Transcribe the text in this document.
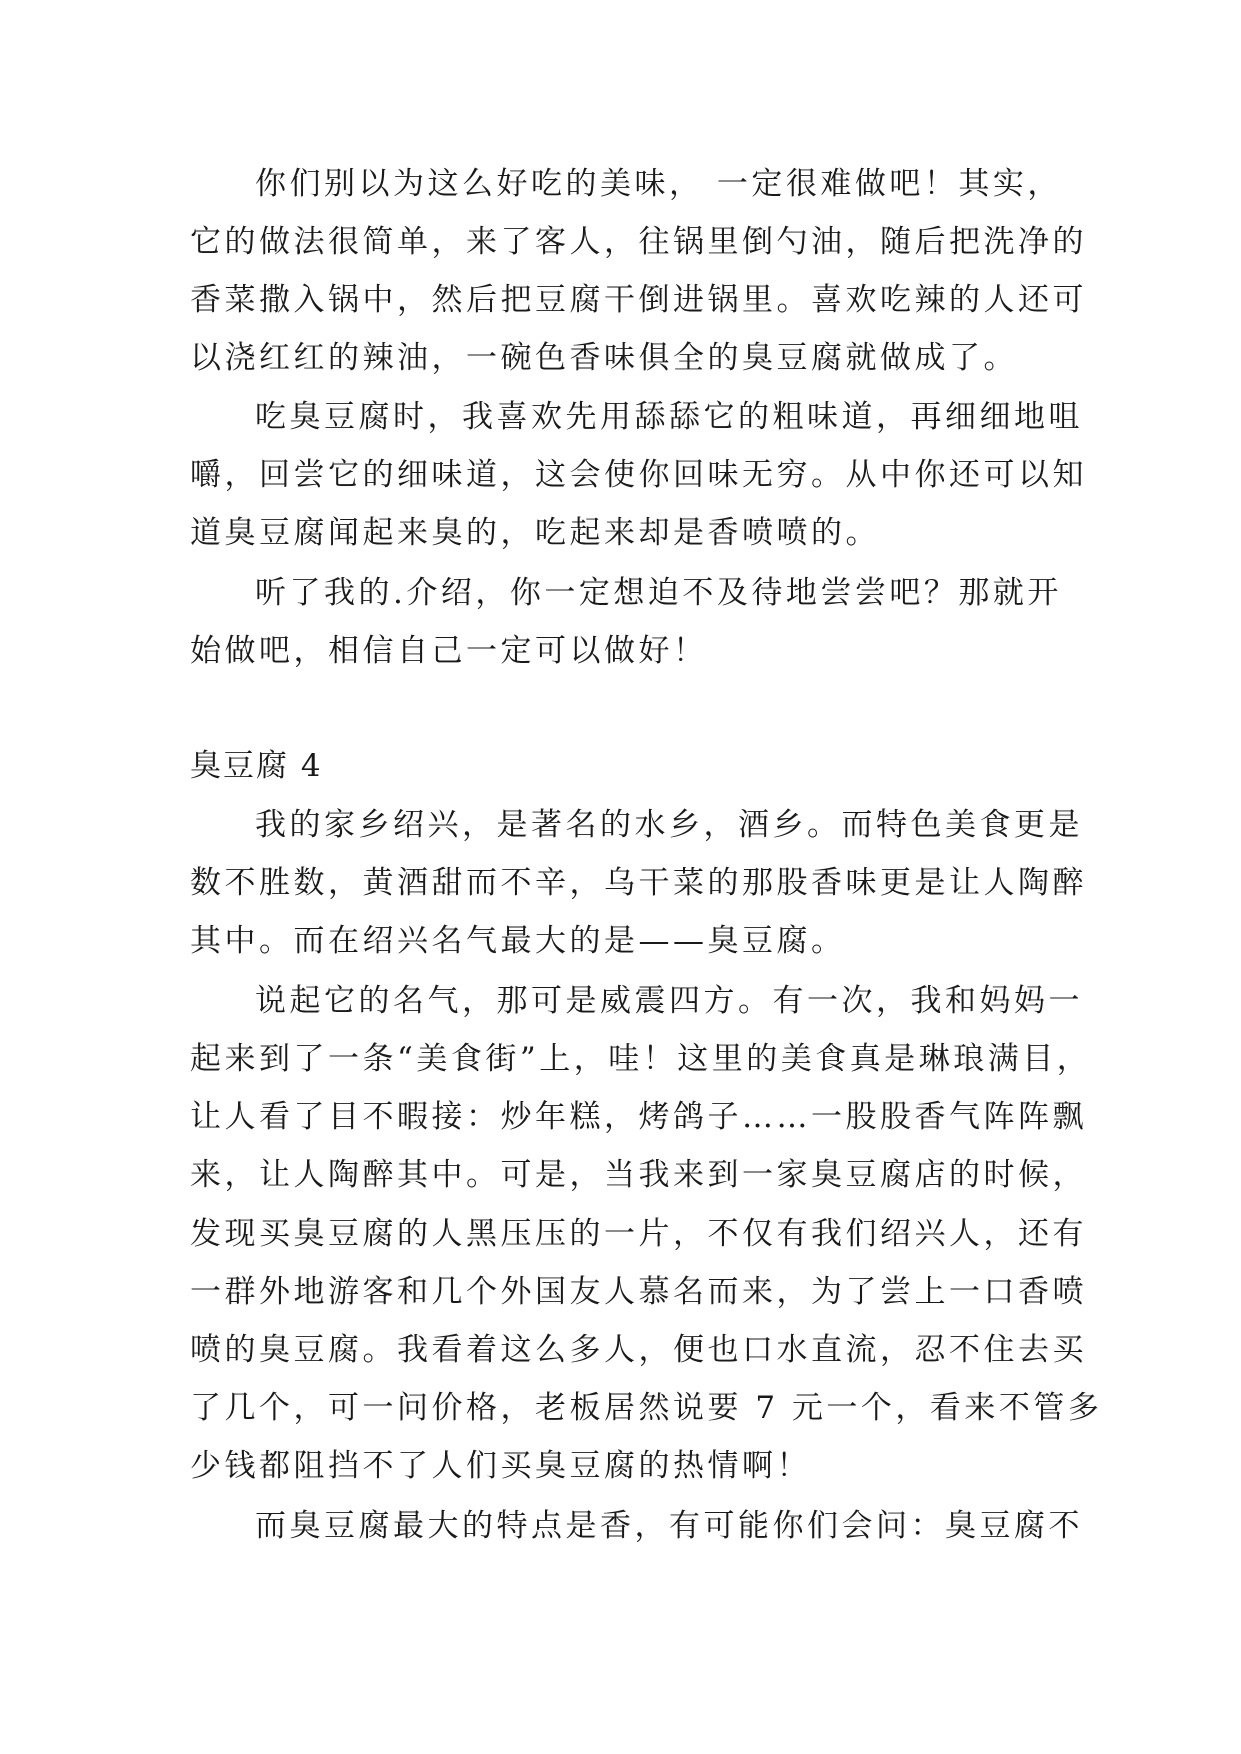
你们别以为这么好吃的美味， 一定很难做吧！其实，
它的做法很简单，来了客人，往锅里倒勺油，随后把洗净的
香菜撒入锅中，然后把豆腐干倒进锅里。喜欢吃辣的人还可
以浇红红的辣油，一碗色香味俱全的臭豆腐就做成了。
吃臭豆腐时，我喜欢先用舔舔它的粗味道，再细细地咀
嚼，回尝它的细味道，这会使你回味无穷。从中你还可以知
道臭豆腐闻起来臭的，吃起来却是香喷喷的。
听了我的.介绍，你一定想迫不及待地尝尝吧？那就开
始做吧，相信自己一定可以做好！
臭豆腐 4
我的家乡绍兴，是著名的水乡，酒乡。而特色美食更是
数不胜数，黄酒甜而不辛，乌干菜的那股香味更是让人陶醉
其中。而在绍兴名气最大的是——臭豆腐。
说起它的名气，那可是威震四方。有一次，我和妈妈一
起来到了一条“美食街”上，哇！这里的美食真是琳琅满目，
让人看了目不暇接：炒年糕，烤鸽子……一股股香气阵阵飘
来，让人陶醉其中。可是，当我来到一家臭豆腐店的时候，
发现买臭豆腐的人黑压压的一片，不仅有我们绍兴人，还有
一群外地游客和几个外国友人慕名而来，为了尝上一口香喷
喷的臭豆腐。我看着这么多人，便也口水直流，忍不住去买
了几个，可一问价格，老板居然说要 7 元一个，看来不管多
少钱都阻挡不了人们买臭豆腐的热情啊！
而臭豆腐最大的特点是香，有可能你们会问：臭豆腐不
